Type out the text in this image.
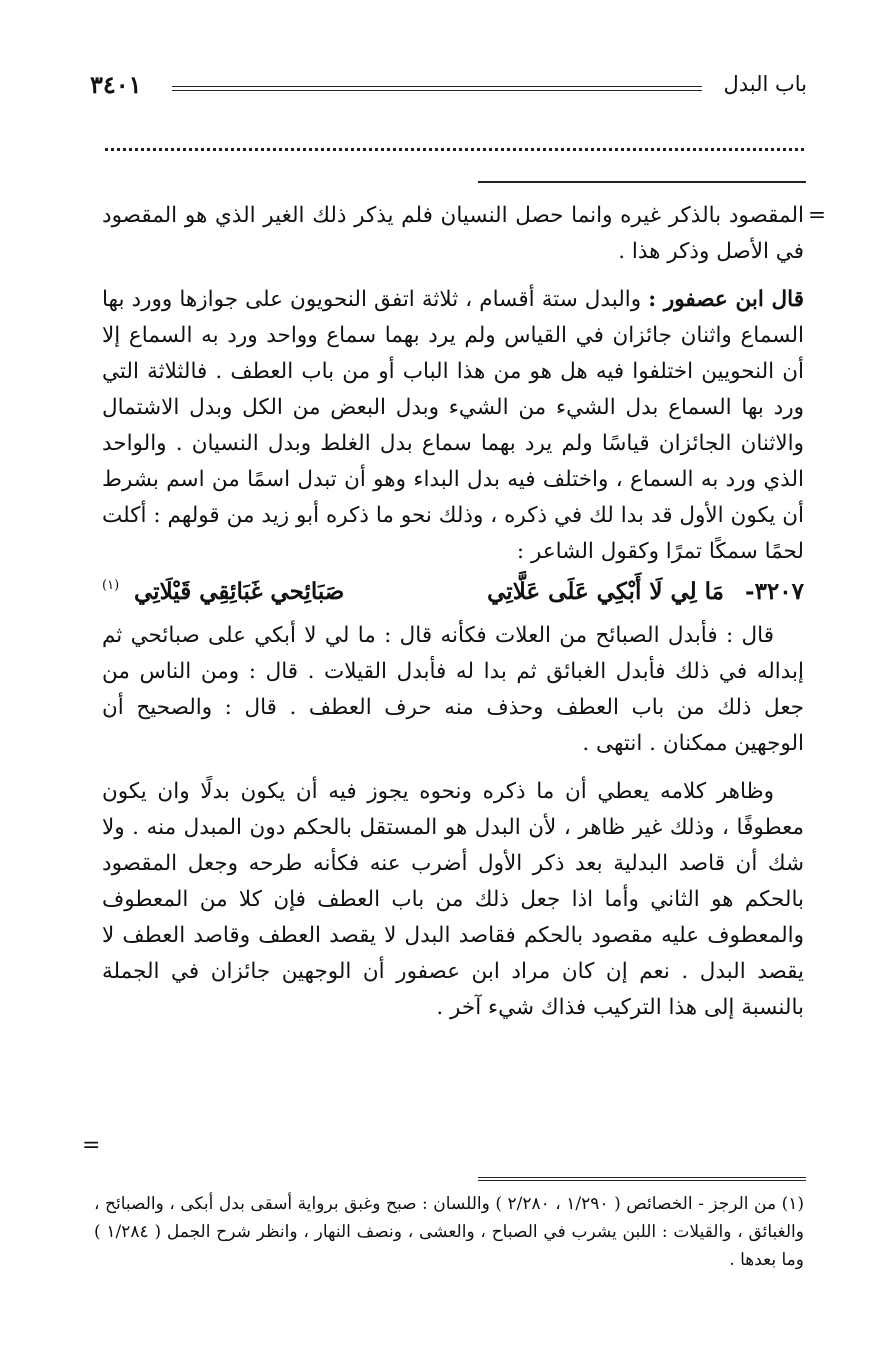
باب البدل
٣٤٠١

=
المقصود بالذكر غيره وانما حصل النسيان فلم يذكر ذلك الغير الذي هو المقصود في الأصل وذكر هذا .

قال ابن عصفور : والبدل ستة أقسام ، ثلاثة اتفق النحويون على جوازها وورد بها السماع واثنان جائزان في القياس ولم يرد بهما سماع وواحد ورد به السماع إلا أن النحويين اختلفوا فيه هل هو من هذا الباب أو من باب العطف . فالثلاثة التي ورد بها السماع بدل الشيء من الشيء وبدل البعض من الكل وبدل الاشتمال والاثنان الجائزان قياسًا ولم يرد بهما سماع بدل الغلط وبدل النسيان . والواحد الذي ورد به السماع ، واختلف فيه بدل البداء وهو أن تبدل اسمًا من اسم بشرط أن يكون الأول قد بدا لك في ذكره ، وذلك نحو ما ذكره أبو زيد من قولهم : أكلت لحمًا سمكًا تمرًا وكقول الشاعر :

٣٢٠٧-
مَا لِي لَا أَبْكِي عَلَى عَلَّاتِي
صَبَائِحي غَبَائِقِي قَيْلَاتِي
(١)

قال : فأبدل الصبائح من العلات فكأنه قال : ما لي لا أبكي على صبائحي ثم إبداله في ذلك فأبدل الغبائق ثم بدا له فأبدل القيلات . قال : ومن الناس من جعل ذلك من باب العطف وحذف منه حرف العطف . قال : والصحيح أن الوجهين ممكنان . انتهى .

وظاهر كلامه يعطي أن ما ذكره ونحوه يجوز فيه أن يكون بدلًا وان يكون معطوفًا ، وذلك غير ظاهر ، لأن البدل هو المستقل بالحكم دون المبدل منه . ولا شك أن قاصد البدلية بعد ذكر الأول أضرب عنه فكأنه طرحه وجعل المقصود بالحكم هو الثاني وأما اذا جعل ذلك من باب العطف فإن كلا من المعطوف والمعطوف عليه مقصود بالحكم فقاصد البدل لا يقصد العطف وقاصد العطف لا يقصد البدل . نعم إن كان مراد ابن عصفور أن الوجهين جائزان في الجملة بالنسبة إلى هذا التركيب فذاك شيء آخر .

=

(١) من الرجز - الخصائص ( ١/٢٩٠ ، ٢/٢٨٠ ) واللسان : صبح وغبق برواية أسقى بدل أبكى ، والصبائح ، والغبائق ، والقيلات : اللبن يشرب في الصباح ، والعشى ، ونصف النهار ، وانظر شرح الجمل ( ١/٢٨٤ ) وما بعدها .
